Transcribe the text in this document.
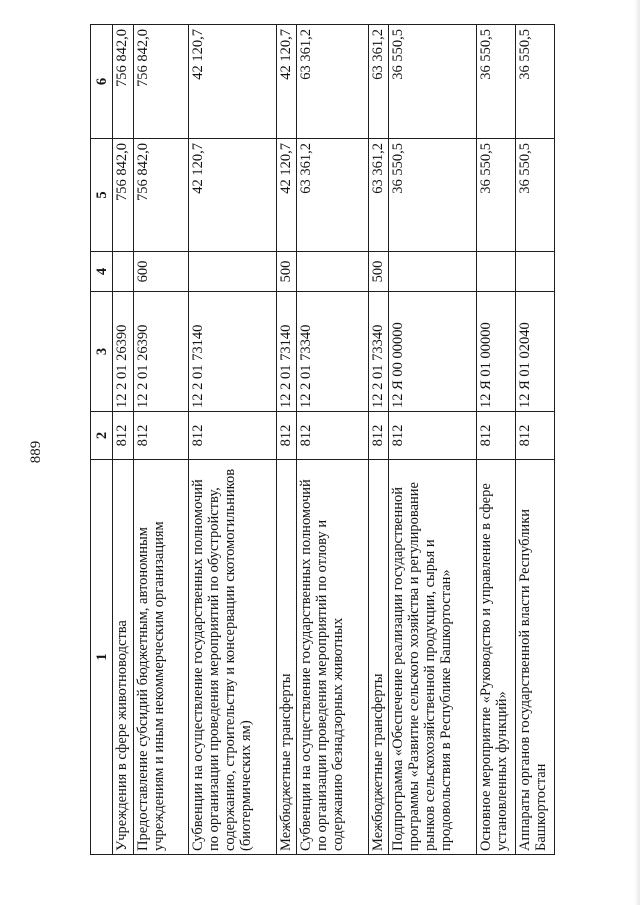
889
1	2	3	4	5	6
Учреждения в сфере животноводства	812	12 2 01 26390		756 842,0	756 842,0
Предоставление субсидий бюджетным, автономным учреждениям и иным некоммерческим организациям	812	12 2 01 26390	600	756 842,0	756 842,0
Субвенции на осуществление государственных полномочий по организации проведения мероприятий по обустройству, содержанию, строительству и консервации скотомогильников (биотермических ям)	812	12 2 01 73140		42 120,7	42 120,7
Межбюджетные трансферты	812	12 2 01 73140	500	42 120,7	42 120,7
Субвенции на осуществление государственных полномочий по организации проведения мероприятий по отлову и содержанию безнадзорных животных	812	12 2 01 73340		63 361,2	63 361,2
Межбюджетные трансферты	812	12 2 01 73340	500	63 361,2	63 361,2
Подпрограмма «Обеспечение реализации государственной программы «Развитие сельского хозяйства и регулирование рынков сельскохозяйственной продукции, сырья и продовольствия в Республике Башкортостан»	812	12 Я 00 00000		36 550,5	36 550,5
Основное мероприятие «Руководство и управление в сфере установленных функций»	812	12 Я 01 00000		36 550,5	36 550,5
Аппараты органов государственной власти Республики Башкортостан	812	12 Я 01 02040		36 550,5	36 550,5
